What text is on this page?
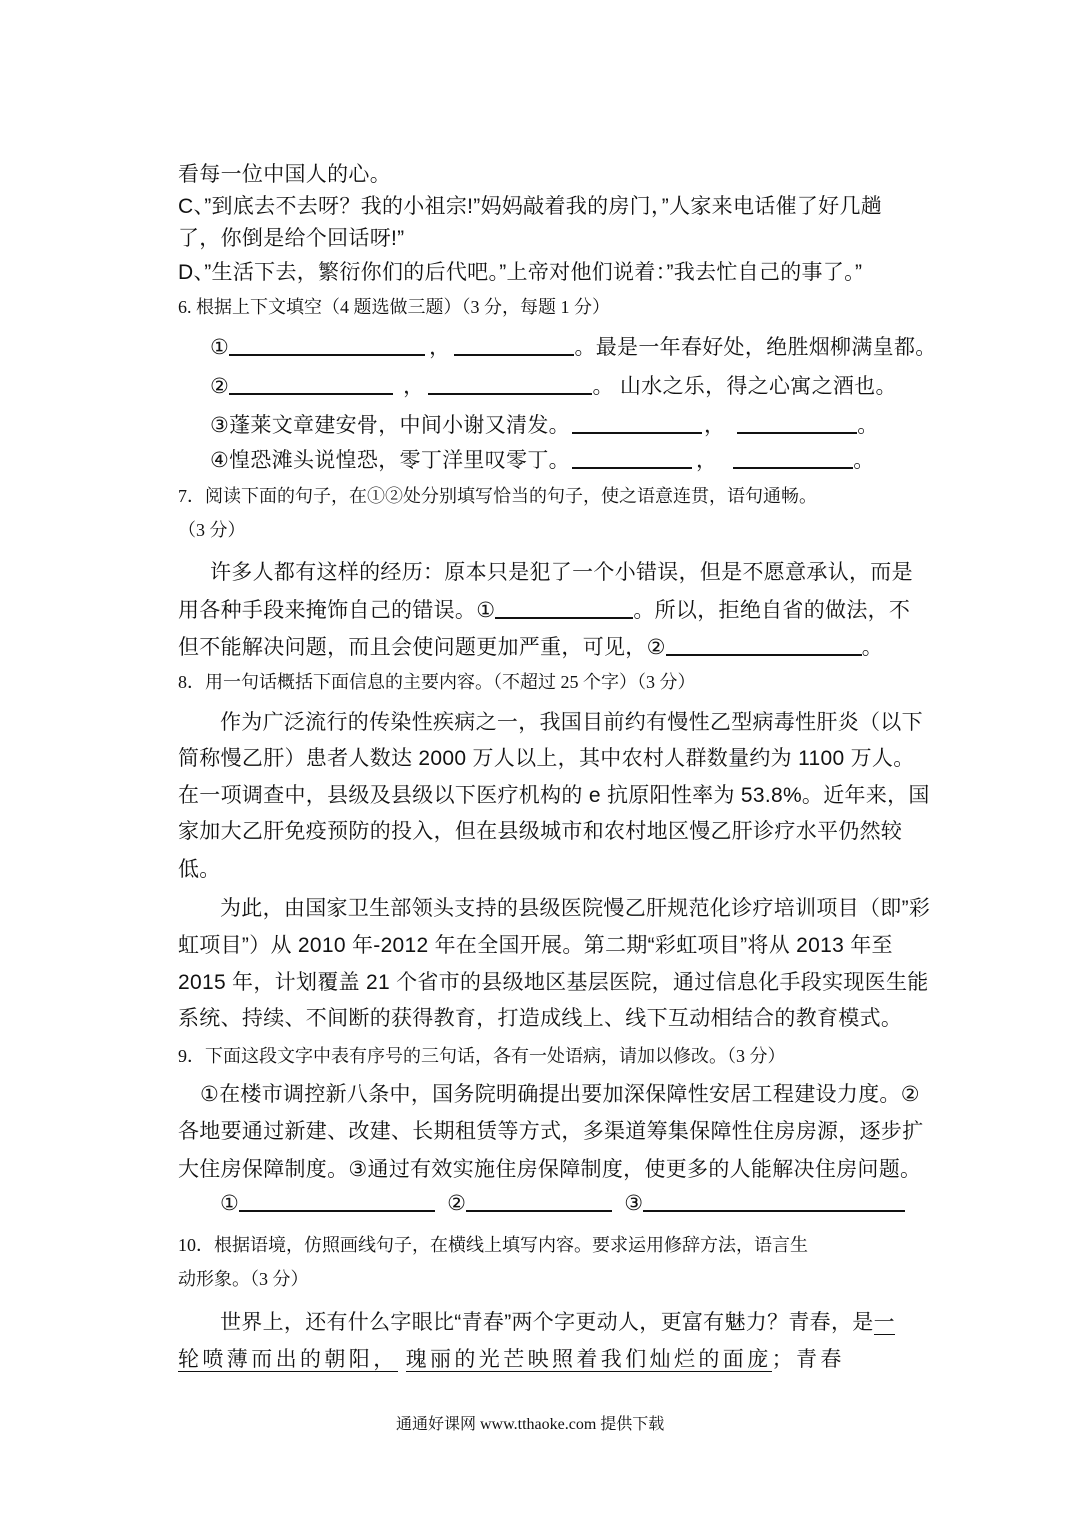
看每一位中国人的心。
C、”到底去不去呀？我的小祖宗!”妈妈敲着我的房门，”人家来电话催了好几趟
了，你倒是给个回话呀!”
D、”生活下去，繁衍你们的后代吧。”上帝对他们说着：”我去忙自己的事了。”
6. 根据上下文填空（4 题选做三题）（3 分，每题 1 分）
①	，	。最是一年春好处，绝胜烟柳满皇都。
②	，	。 山水之乐，得之心寓之酒也。
③蓬莱文章建安骨，中间小谢又清发。	，	。
④惶恐滩头说惶恐，零丁洋里叹零丁。	，	。
7．阅读下面的句子，在①②处分别填写恰当的句子，使之语意连贯，语句通畅。
（3 分）
许多人都有这样的经历：原本只是犯了一个小错误，但是不愿意承认，而是
用各种手段来掩饰自己的错误。①	。所以，拒绝自省的做法，不
但不能解决问题，而且会使问题更加严重，可见，②	。
8．用一句话概括下面信息的主要内容。（不超过 25 个字）（3 分）
作为广泛流行的传染性疾病之一，我国目前约有慢性乙型病毒性肝炎（以下
简称慢乙肝）患者人数达 2000 万人以上，其中农村人群数量约为 1100 万人。
在一项调查中，县级及县级以下医疗机构的 e 抗原阳性率为 53.8%。近年来，国
家加大乙肝免疫预防的投入，但在县级城市和农村地区慢乙肝诊疗水平仍然较
低。
为此，由国家卫生部领头支持的县级医院慢乙肝规范化诊疗培训项目（即”彩
虹项目”）从 2010 年-2012 年在全国开展。第二期“彩虹项目”将从 2013 年至
2015 年，计划覆盖 21 个省市的县级地区基层医院，通过信息化手段实现医生能
系统、持续、不间断的获得教育，打造成线上、线下互动相结合的教育模式。
9．下面这段文字中表有序号的三句话，各有一处语病，请加以修改。（3 分）
①在楼市调控新八条中，国务院明确提出要加深保障性安居工程建设力度。②
各地要通过新建、改建、长期租赁等方式，多渠道筹集保障性住房房源，逐步扩
大住房保障制度。③通过有效实施住房保障制度，使更多的人能解决住房问题。
①	②	③
10．根据语境，仿照画线句子，在横线上填写内容。要求运用修辞方法，语言生
动形象。（3 分）
世界上，还有什么字眼比“青春”两个字更动人，更富有魅力？青春，是一
轮喷薄而出的朝阳， 瑰丽的光芒映照着我们灿烂的面庞；青春
通通好课网 www.tthaoke.com 提供下载
